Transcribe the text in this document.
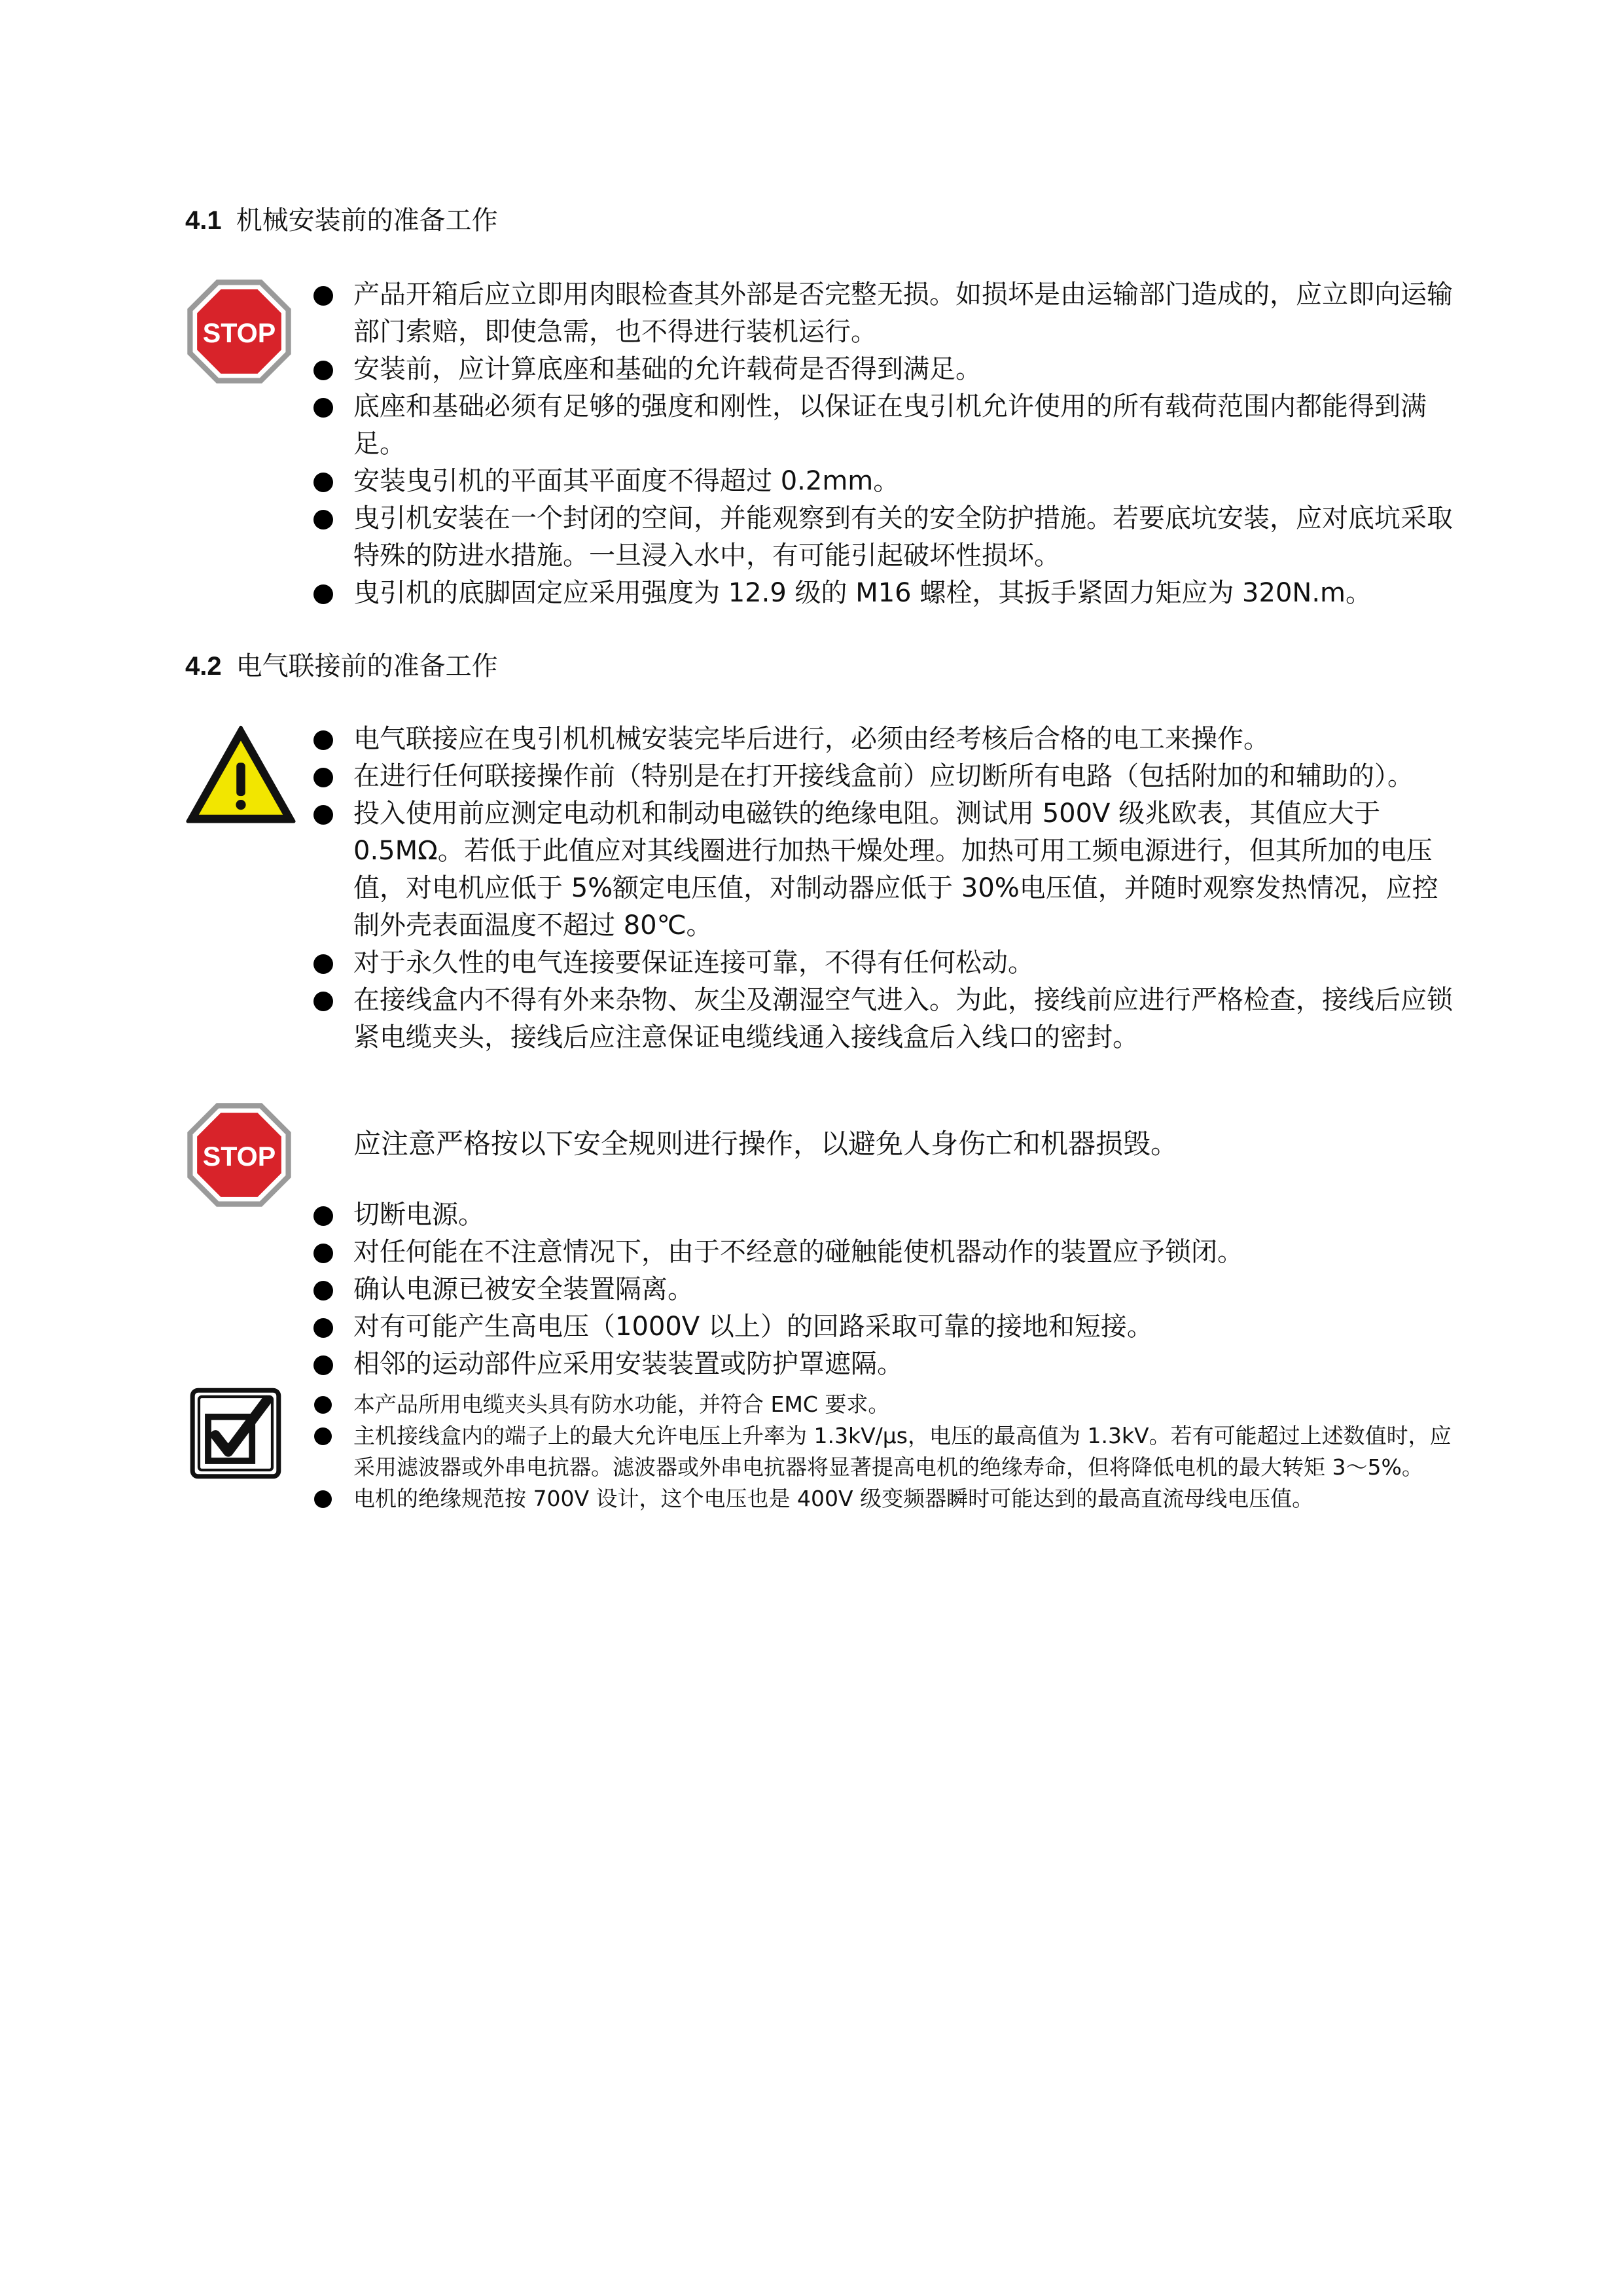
4.1 机械安装前的准备工作
STOP
产品开箱后应立即用肉眼检查其外部是否完整无损。如损坏是由运输部门造成的，应立即向运输部门索赔，即使急需，也不得进行装机运行。
安装前，应计算底座和基础的允许载荷是否得到满足。
底座和基础必须有足够的强度和刚性，以保证在曳引机允许使用的所有载荷范围内都能得到满足。
安装曳引机的平面其平面度不得超过 0.2mm。
曳引机安装在一个封闭的空间，并能观察到有关的安全防护措施。若要底坑安装，应对底坑采取特殊的防进水措施。一旦浸入水中，有可能引起破坏性损坏。
曳引机的底脚固定应采用强度为 12.9 级的 M16 螺栓，其扳手紧固力矩应为 320N.m。
4.2 电气联接前的准备工作
电气联接应在曳引机机械安装完毕后进行，必须由经考核后合格的电工来操作。
在进行任何联接操作前（特别是在打开接线盒前）应切断所有电路（包括附加的和辅助的）。
投入使用前应测定电动机和制动电磁铁的绝缘电阻。测试用 500V 级兆欧表，其值应大于 0.5MΩ。若低于此值应对其线圈进行加热干燥处理。加热可用工频电源进行，但其所加的电压值，对电机应低于 5%额定电压值，对制动器应低于 30%电压值，并随时观察发热情况，应控制外壳表面温度不超过 80℃。
对于永久性的电气连接要保证连接可靠，不得有任何松动。
在接线盒内不得有外来杂物、灰尘及潮湿空气进入。为此，接线前应进行严格检查，接线后应锁紧电缆夹头，接线后应注意保证电缆线通入接线盒后入线口的密封。
STOP	应注意严格按以下安全规则进行操作，以避免人身伤亡和机器损毁。
切断电源。
对任何能在不注意情况下，由于不经意的碰触能使机器动作的装置应予锁闭。
确认电源已被安全装置隔离。
对有可能产生高电压（1000V 以上）的回路采取可靠的接地和短接。
相邻的运动部件应采用安装装置或防护罩遮隔。
本产品所用电缆夹头具有防水功能，并符合 EMC 要求。
主机接线盒内的端子上的最大允许电压上升率为 1.3kV/μs，电压的最高值为 1.3kV。若有可能超过上述数值时，应采用滤波器或外串电抗器。滤波器或外串电抗器将显著提高电机的绝缘寿命，但将降低电机的最大转矩 3～5%。
电机的绝缘规范按 700V 设计，这个电压也是 400V 级变频器瞬时可能达到的最高直流母线电压值。
